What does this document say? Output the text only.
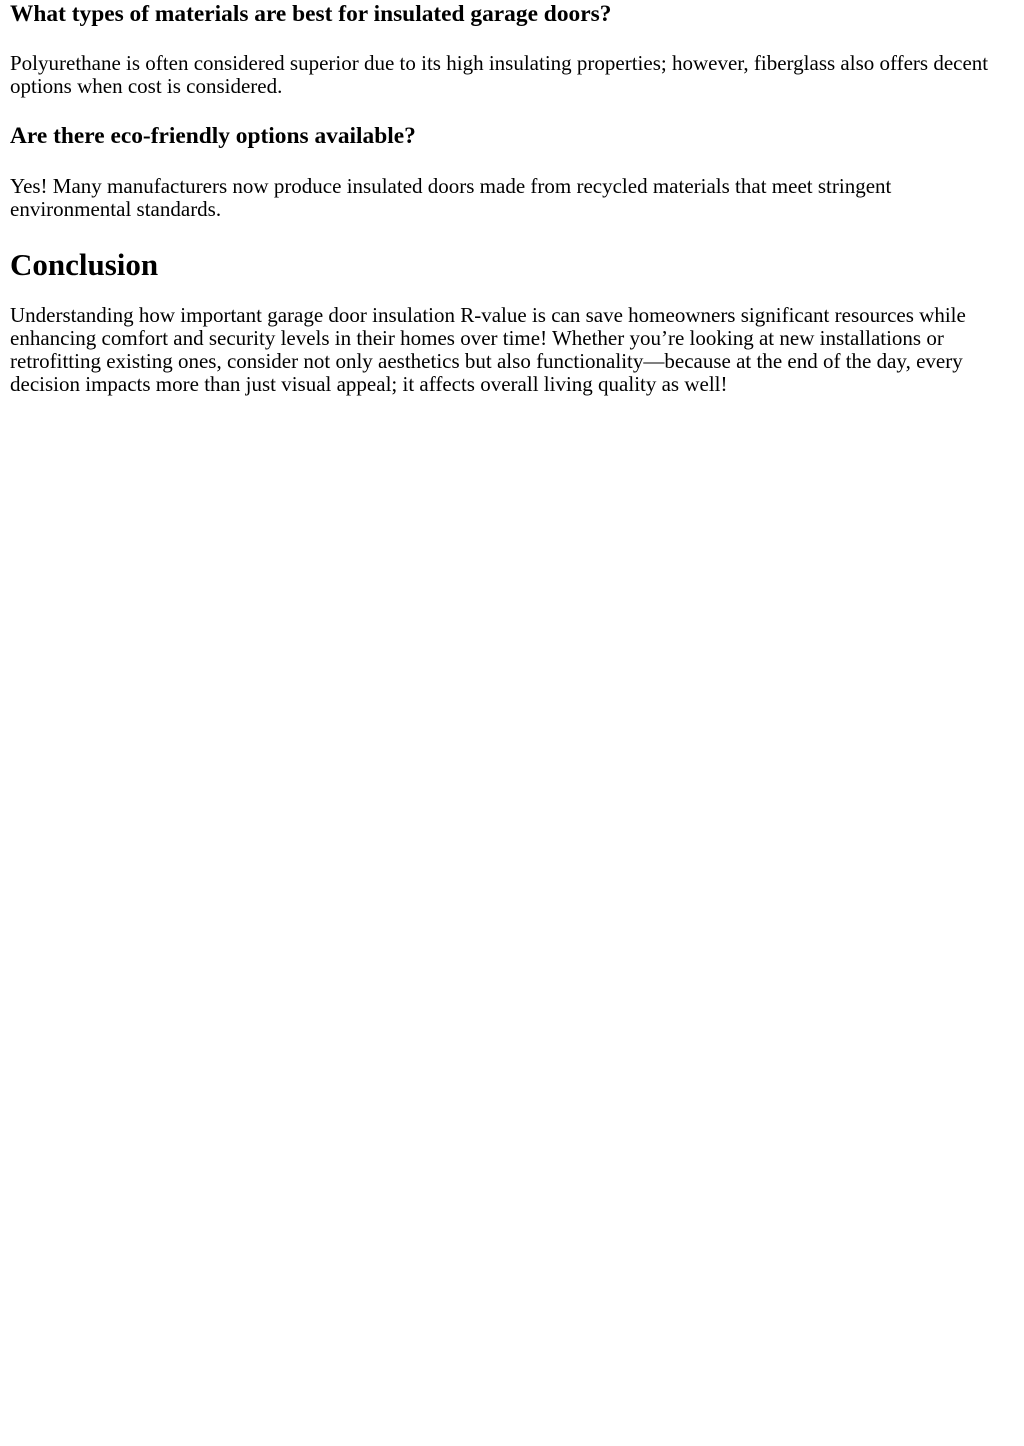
What types of materials are best for insulated garage doors?

Polyurethane is often considered superior due to its high insulating properties; however, fiberglass also offers decent options when cost is considered.

Are there eco-friendly options available?

Yes! Many manufacturers now produce insulated doors made from recycled materials that meet stringent environmental standards.

Conclusion

Understanding how important garage door insulation R-value is can save homeowners significant resources while enhancing comfort and security levels in their homes over time! Whether you’re looking at new installations or retrofitting existing ones, consider not only aesthetics but also functionality—because at the end of the day, every decision impacts more than just visual appeal; it affects overall living quality as well!
